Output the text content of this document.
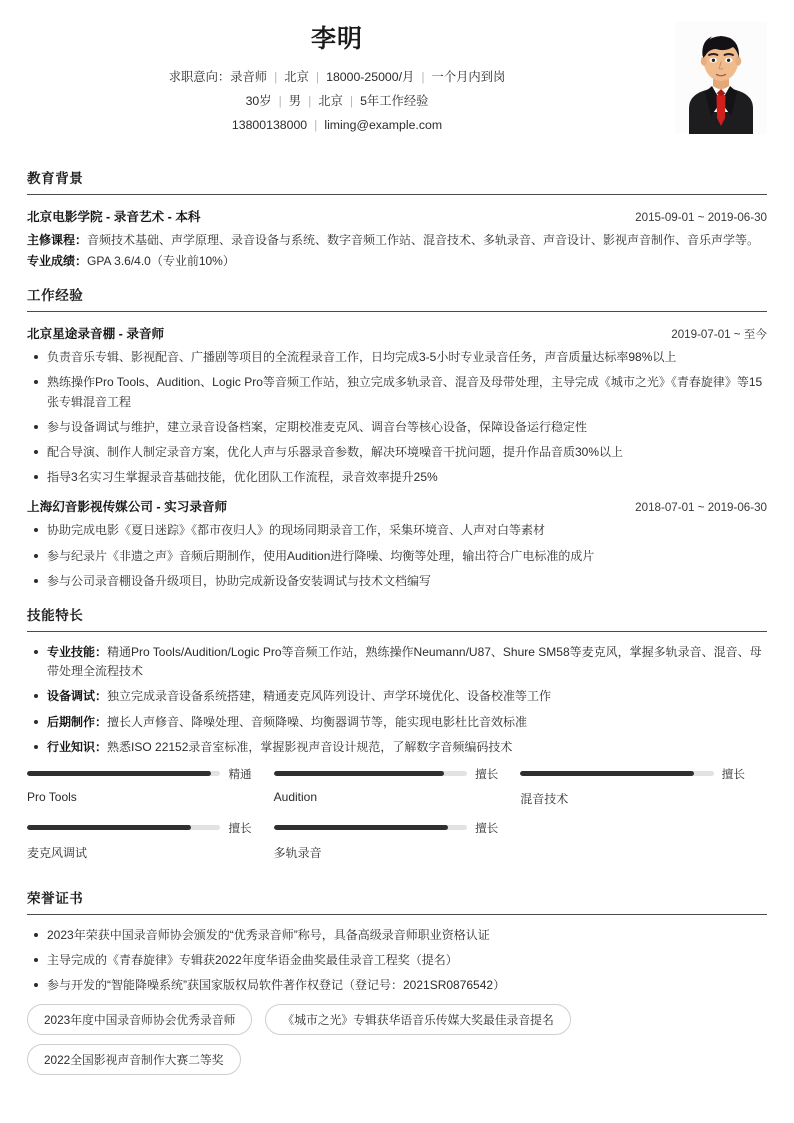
李明
求职意向：录音师 | 北京 | 18000-25000/月 | 一个月内到岗
30岁 | 男 | 北京 | 5年工作经验
13800138000 | liming@example.com
教育背景
北京电影学院 - 录音艺术 - 本科	2015-09-01 ~ 2019-06-30
主修课程：音频技术基础、声学原理、录音设备与系统、数字音频工作站、混音技术、多轨录音、声音设计、影视声音制作、音乐声学等。
专业成绩：GPA 3.6/4.0（专业前10%）
工作经验
北京星途录音棚 - 录音师	2019-07-01 ~ 至今
负责音乐专辑、影视配音、广播剧等项目的全流程录音工作，日均完成3-5小时专业录音任务，声音质量达标率98%以上
熟练操作Pro Tools、Audition、Logic Pro等音频工作站，独立完成多轨录音、混音及母带处理，主导完成《城市之光》《青春旋律》等15张专辑混音工程
参与设备调试与维护，建立录音设备档案，定期校准麦克风、调音台等核心设备，保障设备运行稳定性
配合导演、制作人制定录音方案，优化人声与乐器录音参数，解决环境噪音干扰问题，提升作品音质30%以上
指导3名实习生掌握录音基础技能，优化团队工作流程，录音效率提升25%
上海幻音影视传媒公司 - 实习录音师	2018-07-01 ~ 2019-06-30
协助完成电影《夏日迷踪》《都市夜归人》的现场同期录音工作，采集环境音、人声对白等素材
参与纪录片《非遗之声》音频后期制作，使用Audition进行降噪、均衡等处理，输出符合广电标准的成片
参与公司录音棚设备升级项目，协助完成新设备安装调试与技术文档编写
技能特长
专业技能：精通Pro Tools/Audition/Logic Pro等音频工作站，熟练操作Neumann/U87、Shure SM58等麦克风，掌握多轨录音、混音、母带处理全流程技术
设备调试：独立完成录音设备系统搭建，精通麦克风阵列设计、声学环境优化、设备校准等工作
后期制作：擅长人声修音、降噪处理、音频降噪、均衡器调节等，能实现电影杜比音效标准
行业知识：熟悉ISO 22152录音室标准，掌握影视声音设计规范，了解数字音频编码技术
精通
Pro Tools
擅长
Audition
擅长
混音技术
擅长
麦克风调试
擅长
多轨录音
荣誉证书
2023年荣获中国录音师协会颁发的“优秀录音师”称号，具备高级录音师职业资格认证
主导完成的《青春旋律》专辑获2022年度华语金曲奖最佳录音工程奖（提名）
参与开发的“智能降噪系统”获国家版权局软件著作权登记（登记号：2021SR0876542）
2023年度中国录音师协会优秀录音师	《城市之光》专辑获华语音乐传媒大奖最佳录音提名
2022全国影视声音制作大赛二等奖
